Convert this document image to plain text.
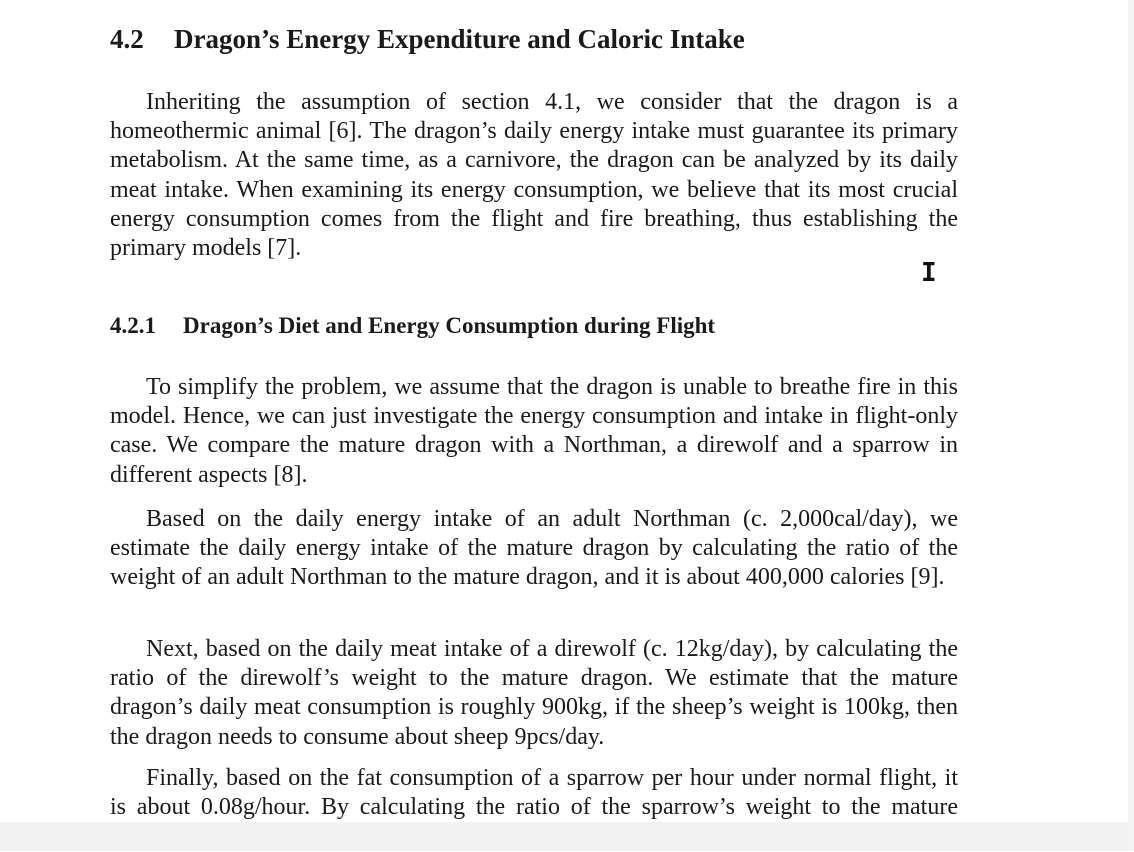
4.2 Dragon’s Energy Expenditure and Caloric Intake

Inheriting the assumption of section 4.1, we consider that the dragon is a homeothermic animal [6]. The dragon’s daily energy intake must guarantee its primary metabolism. At the same time, as a carnivore, the dragon can be analyzed by its daily meat intake. When examining its energy consumption, we believe that its most crucial energy consumption comes from the flight and fire breathing, thus establishing the primary models [7].

4.2.1 Dragon’s Diet and Energy Consumption during Flight

To simplify the problem, we assume that the dragon is unable to breathe fire in this model. Hence, we can just investigate the energy consumption and intake in flight-only case. We compare the mature dragon with a Northman, a direwolf and a sparrow in different aspects [8].

Based on the daily energy intake of an adult Northman (c. 2,000cal/day), we estimate the daily energy intake of the mature dragon by calculating the ratio of the weight of an adult Northman to the mature dragon, and it is about 400,000 calories [9].

Next, based on the daily meat intake of a direwolf (c. 12kg/day), by calculating the ratio of the direwolf’s weight to the mature dragon. We estimate that the mature dragon’s daily meat consumption is roughly 900kg, if the sheep’s weight is 100kg, then the dragon needs to consume about sheep 9pcs/day.

Finally, based on the fat consumption of a sparrow per hour under normal flight, it is about 0.08g/hour. By calculating the ratio of the sparrow’s weight to the mature

I
